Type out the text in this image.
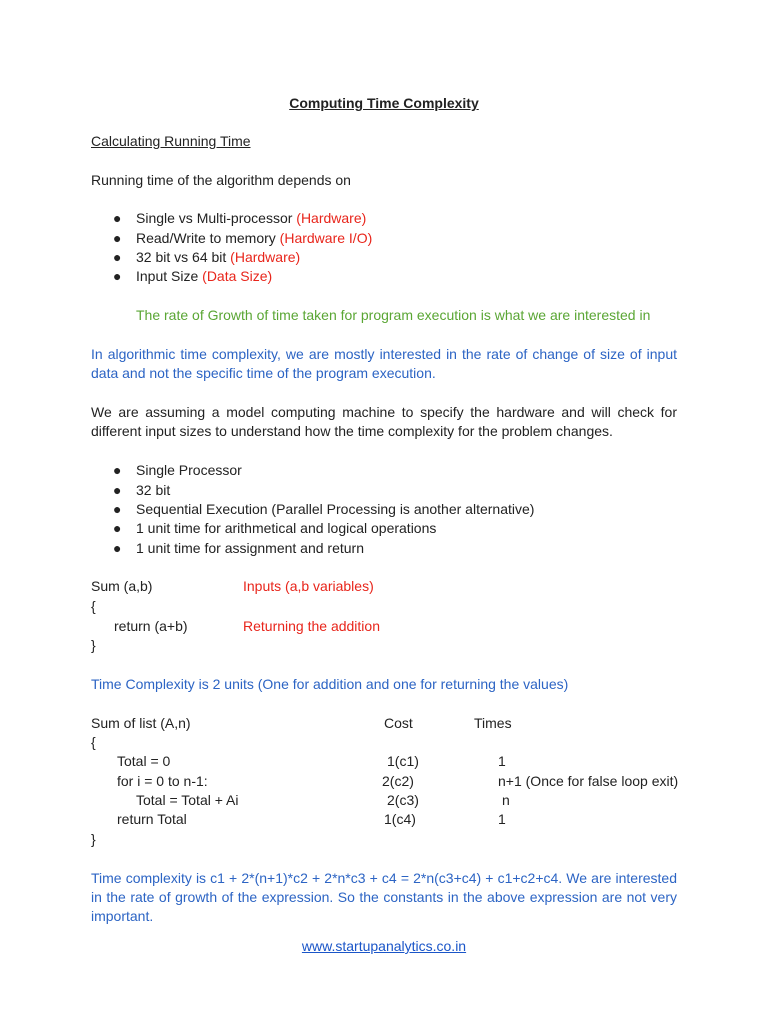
Computing Time Complexity
Calculating Running Time
Running time of the algorithm depends on
● Single vs Multi-processor (Hardware)
● Read/Write to memory (Hardware I/O)
● 32 bit vs 64 bit (Hardware)
● Input Size (Data Size)
The rate of Growth of time taken for program execution is what we are interested in
In algorithmic time complexity, we are mostly interested in the rate of change of size of input data and not the specific time of the program execution.
We are assuming a model computing machine to specify the hardware and will check for different input sizes to understand how the time complexity for the problem changes.
● Single Processor
● 32 bit
● Sequential Execution (Parallel Processing is another alternative)
● 1 unit time for arithmetical and logical operations
● 1 unit time for assignment and return
Sum (a,b)	Inputs (a,b variables)
{
return (a+b)	Returning the addition
}
Time Complexity is 2 units (One for addition and one for returning the values)
Sum of list (A,n)	Cost	Times
{
Total = 0	1(c1)	1
for i = 0 to n-1:	2(c2)	n+1 (Once for false loop exit)
Total = Total + Ai	2(c3)	n
return Total	1(c4)	1
}
Time complexity is c1 + 2*(n+1)*c2 + 2*n*c3 + c4 = 2*n(c3+c4) + c1+c2+c4. We are interested in the rate of growth of the expression. So the constants in the above expression are not very important.
www.startupanalytics.co.in
